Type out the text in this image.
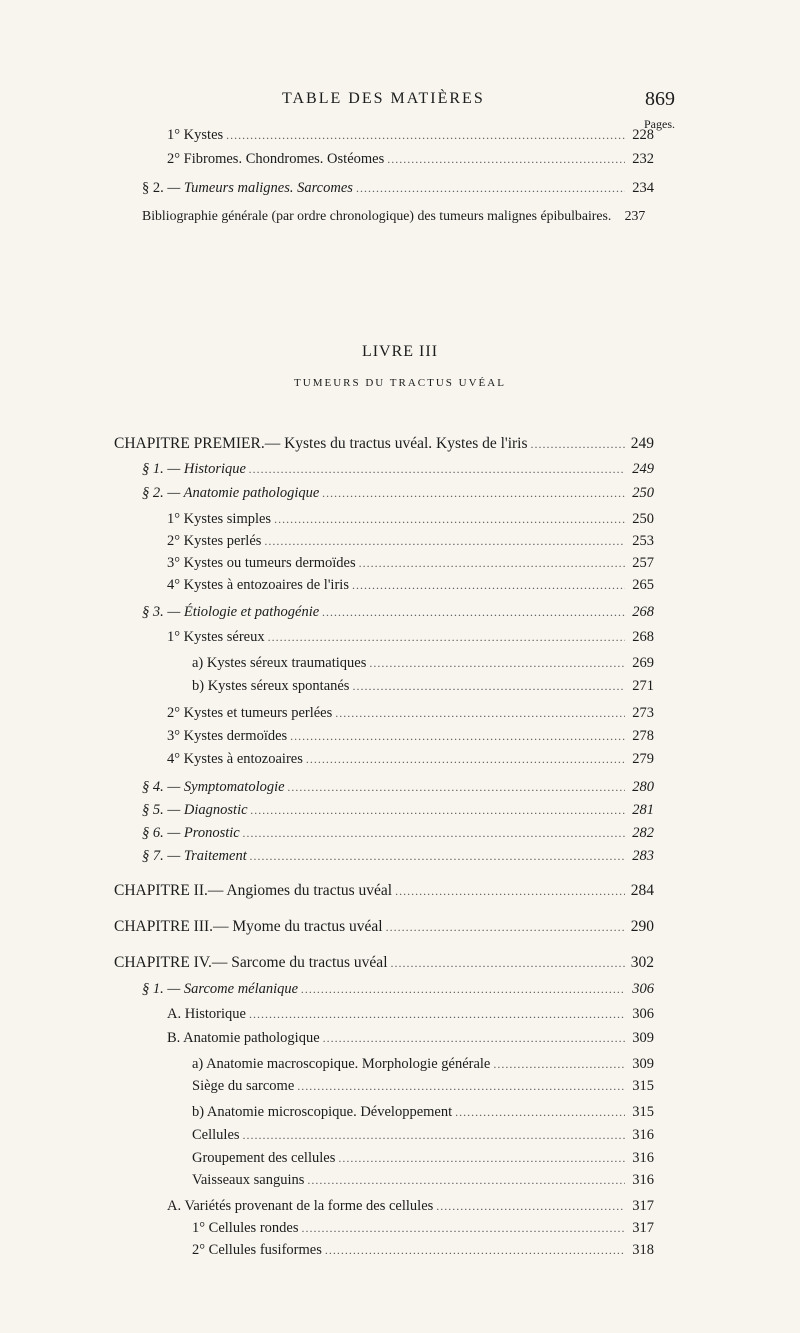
TABLE DES MATIÈRES	869
Pages.
1° Kystes .....	228
2° Fibromes. Chondromes. Ostéomes .....	232
§ 2. — Tumeurs malignes. Sarcomes .....	234
Bibliographie générale (par ordre chronologique) des tumeurs malignes épibulbaires. 237
LIVRE III
TUMEURS DU TRACTUS UVÉAL
CHAPITRE PREMIER.— Kystes du tractus uvéal. Kystes de l'iris .....	249
§ 1. — Historique .....	249
§ 2. — Anatomie pathologique .....	250
1° Kystes simples .....	250
2° Kystes perlés .....	253
3° Kystes ou tumeurs dermoïdes .....	257
4° Kystes à entozoaires de l'iris .....	265
§ 3. — Étiologie et pathogénie .....	268
1° Kystes séreux .....	268
a) Kystes séreux traumatiques .....	269
b) Kystes séreux spontanés .....	271
2° Kystes et tumeurs perlées .....	273
3° Kystes dermoïdes .....	278
4° Kystes à entozoaires .....	279
§ 4. — Symptomatologie .....	280
§ 5. — Diagnostic .....	281
§ 6. — Pronostic .....	282
§ 7. — Traitement .....	283
CHAPITRE II.— Angiomes du tractus uvéal .....	284
CHAPITRE III.— Myome du tractus uvéal .....	290
CHAPITRE IV.— Sarcome du tractus uvéal .....	302
§ 1. — Sarcome mélanique .....	306
A. Historique .....	306
B. Anatomie pathologique .....	309
a) Anatomie macroscopique. Morphologie générale .....	309
Siège du sarcome .....	315
b) Anatomie microscopique. Développement .....	315
Cellules .....	316
Groupement des cellules .....	316
Vaisseaux sanguins .....	316
A. Variétés provenant de la forme des cellules .....	317
1° Cellules rondes .....	317
2° Cellules fusiformes .....	318
